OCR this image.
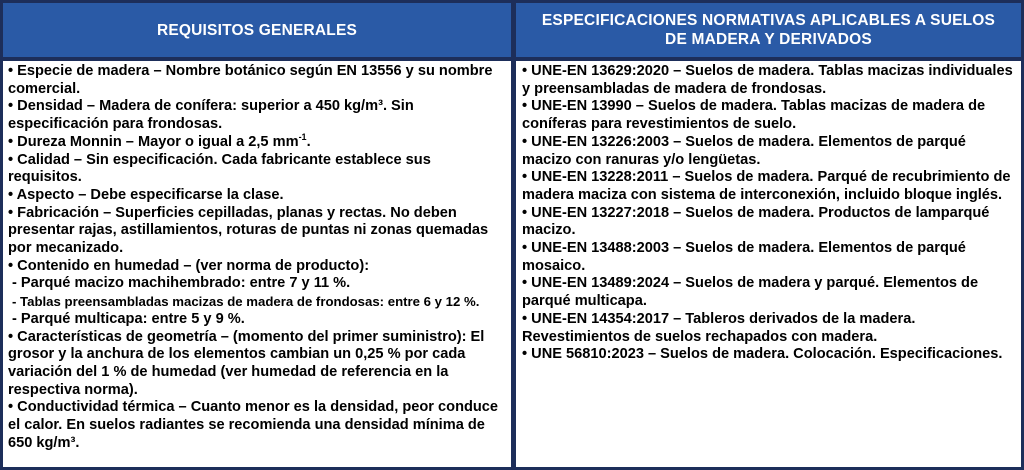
REQUISITOS GENERALES
ESPECIFICACIONES NORMATIVAS APLICABLES A SUELOS
DE MADERA Y DERIVADOS

• Especie de madera – Nombre botánico según EN 13556 y su nombre comercial.

• Densidad – Madera de conífera: superior a 450 kg/m³. Sin especificación para frondosas.

• Dureza Monnin – Mayor o igual a 2,5 $mm^{-1}$.

• Calidad – Sin especificación. Cada fabricante establece sus requisitos.

• Aspecto – Debe especificarse la clase.

• Fabricación – Superficies cepilladas, planas y rectas. No deben presentar rajas, astillamientos, roturas de puntas ni zonas quemadas por mecanizado.

• Contenido en humedad – (ver norma de producto):

- Parqué macizo machihembrado: entre 7 y 11 %.

- Tablas preensambladas macizas de madera de frondosas: entre 6 y 12 %.

- Parqué multicapa: entre 5 y 9 %.

• Características de geometría – (momento del primer suministro): El grosor y la anchura de los elementos cambian un 0,25 % por cada variación del 1 % de humedad (ver humedad de referencia en la respectiva norma).

• Conductividad térmica – Cuanto menor es la densidad, peor conduce el calor. En suelos radiantes se recomienda una densidad mínima de 650 kg/m³.

• UNE-EN 13629:2020 – Suelos de madera. Tablas macizas individuales y preensambladas de madera de frondosas.

• UNE-EN 13990 – Suelos de madera. Tablas macizas de madera de coníferas para revestimientos de suelo.

• UNE-EN 13226:2003 – Suelos de madera. Elementos de parqué macizo con ranuras y/o lengüetas.

• UNE-EN 13228:2011 – Suelos de madera. Parqué de recubrimiento de madera maciza con sistema de interconexión, incluido bloque inglés.

• UNE-EN 13227:2018 – Suelos de madera. Productos de lamparqué macizo.

• UNE-EN 13488:2003 – Suelos de madera. Elementos de parqué mosaico.

• UNE-EN 13489:2024 – Suelos de madera y parqué. Elementos de parqué multicapa.

• UNE-EN 14354:2017 – Tableros derivados de la madera. Revestimientos de suelos rechapados con madera.

• UNE 56810:2023 – Suelos de madera. Colocación. Especificaciones.
